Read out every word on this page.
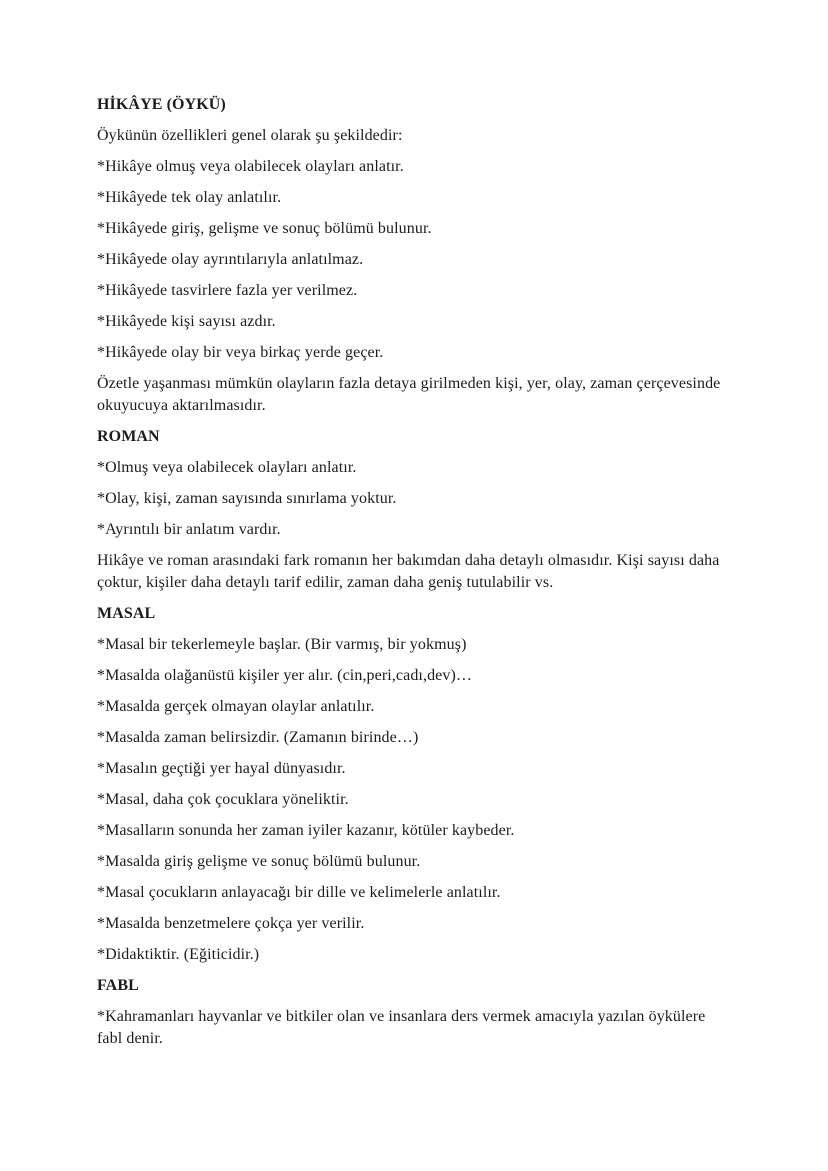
HİKÂYE (ÖYKÜ)

Öykünün özellikleri genel olarak şu şekildedir:

*Hikâye olmuş veya olabilecek olayları anlatır.

*Hikâyede tek olay anlatılır.

*Hikâyede giriş, gelişme ve sonuç bölümü bulunur.

*Hikâyede olay ayrıntılarıyla anlatılmaz.

*Hikâyede tasvirlere fazla yer verilmez.

*Hikâyede kişi sayısı azdır.

*Hikâyede olay bir veya birkaç yerde geçer.

Özetle yaşanması mümkün olayların fazla detaya girilmeden kişi, yer, olay, zaman çerçevesinde okuyucuya aktarılmasıdır.

ROMAN

*Olmuş veya olabilecek olayları anlatır.

*Olay, kişi, zaman sayısında sınırlama yoktur.

*Ayrıntılı bir anlatım vardır.

Hikâye ve roman arasındaki fark romanın her bakımdan daha detaylı olmasıdır. Kişi sayısı daha çoktur, kişiler daha detaylı tarif edilir, zaman daha geniş tutulabilir vs.

MASAL

*Masal bir tekerlemeyle başlar. (Bir varmış, bir yokmuş)

*Masalda olağanüstü kişiler yer alır. (cin,peri,cadı,dev)…

*Masalda gerçek olmayan olaylar anlatılır.

*Masalda zaman belirsizdir. (Zamanın birinde…)

*Masalın geçtiği yer hayal dünyasıdır.

*Masal, daha çok çocuklara yöneliktir.

*Masalların sonunda her zaman iyiler kazanır, kötüler kaybeder.

*Masalda giriş gelişme ve sonuç bölümü bulunur.

*Masal çocukların anlayacağı bir dille ve kelimelerle anlatılır.

*Masalda benzetmelere çokça yer verilir.

*Didaktiktir. (Eğiticidir.)

FABL

*Kahramanları hayvanlar ve bitkiler olan ve insanlara ders vermek amacıyla yazılan öykülere fabl denir.
